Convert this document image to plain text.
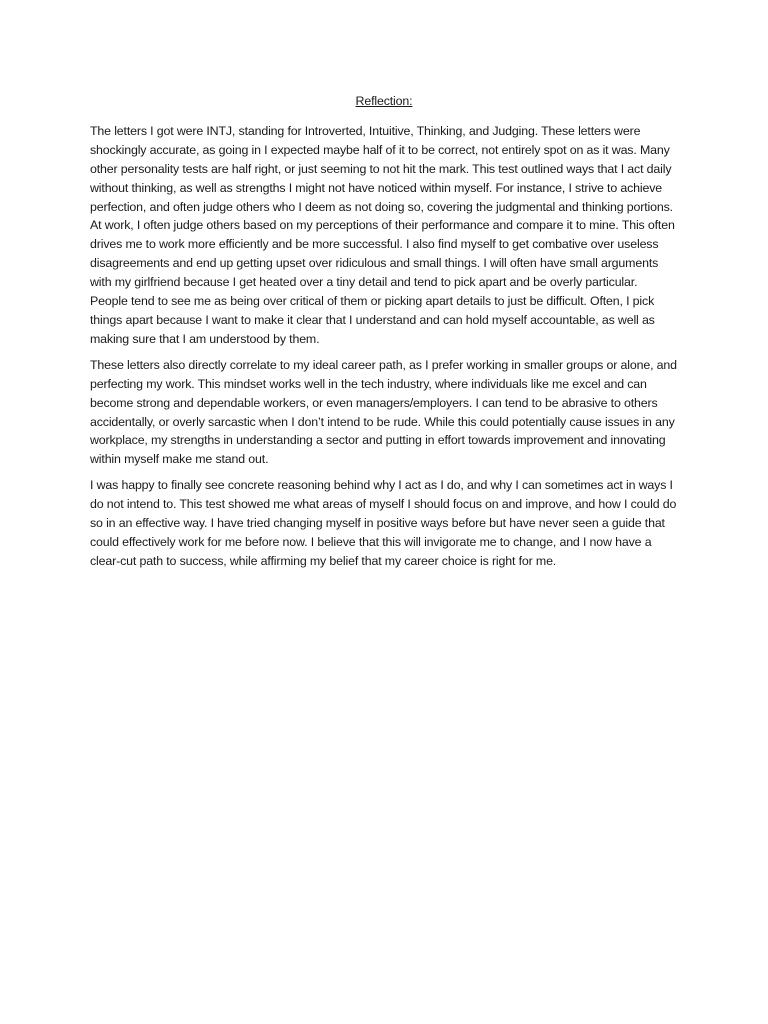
Reflection:

The letters I got were INTJ, standing for Introverted, Intuitive, Thinking, and Judging. These letters were shockingly accurate, as going in I expected maybe half of it to be correct, not entirely spot on as it was. Many other personality tests are half right, or just seeming to not hit the mark. This test outlined ways that I act daily without thinking, as well as strengths I might not have noticed within myself. For instance, I strive to achieve perfection, and often judge others who I deem as not doing so, covering the judgmental and thinking portions. At work, I often judge others based on my perceptions of their performance and compare it to mine. This often drives me to work more efficiently and be more successful. I also find myself to get combative over useless disagreements and end up getting upset over ridiculous and small things. I will often have small arguments with my girlfriend because I get heated over a tiny detail and tend to pick apart and be overly particular. People tend to see me as being over critical of them or picking apart details to just be difficult. Often, I pick things apart because I want to make it clear that I understand and can hold myself accountable, as well as making sure that I am understood by them.

These letters also directly correlate to my ideal career path, as I prefer working in smaller groups or alone, and perfecting my work. This mindset works well in the tech industry, where individuals like me excel and can become strong and dependable workers, or even managers/employers. I can tend to be abrasive to others accidentally, or overly sarcastic when I don’t intend to be rude. While this could potentially cause issues in any workplace, my strengths in understanding a sector and putting in effort towards improvement and innovating within myself make me stand out.

I was happy to finally see concrete reasoning behind why I act as I do, and why I can sometimes act in ways I do not intend to. This test showed me what areas of myself I should focus on and improve, and how I could do so in an effective way. I have tried changing myself in positive ways before but have never seen a guide that could effectively work for me before now. I believe that this will invigorate me to change, and I now have a clear-cut path to success, while affirming my belief that my career choice is right for me.
